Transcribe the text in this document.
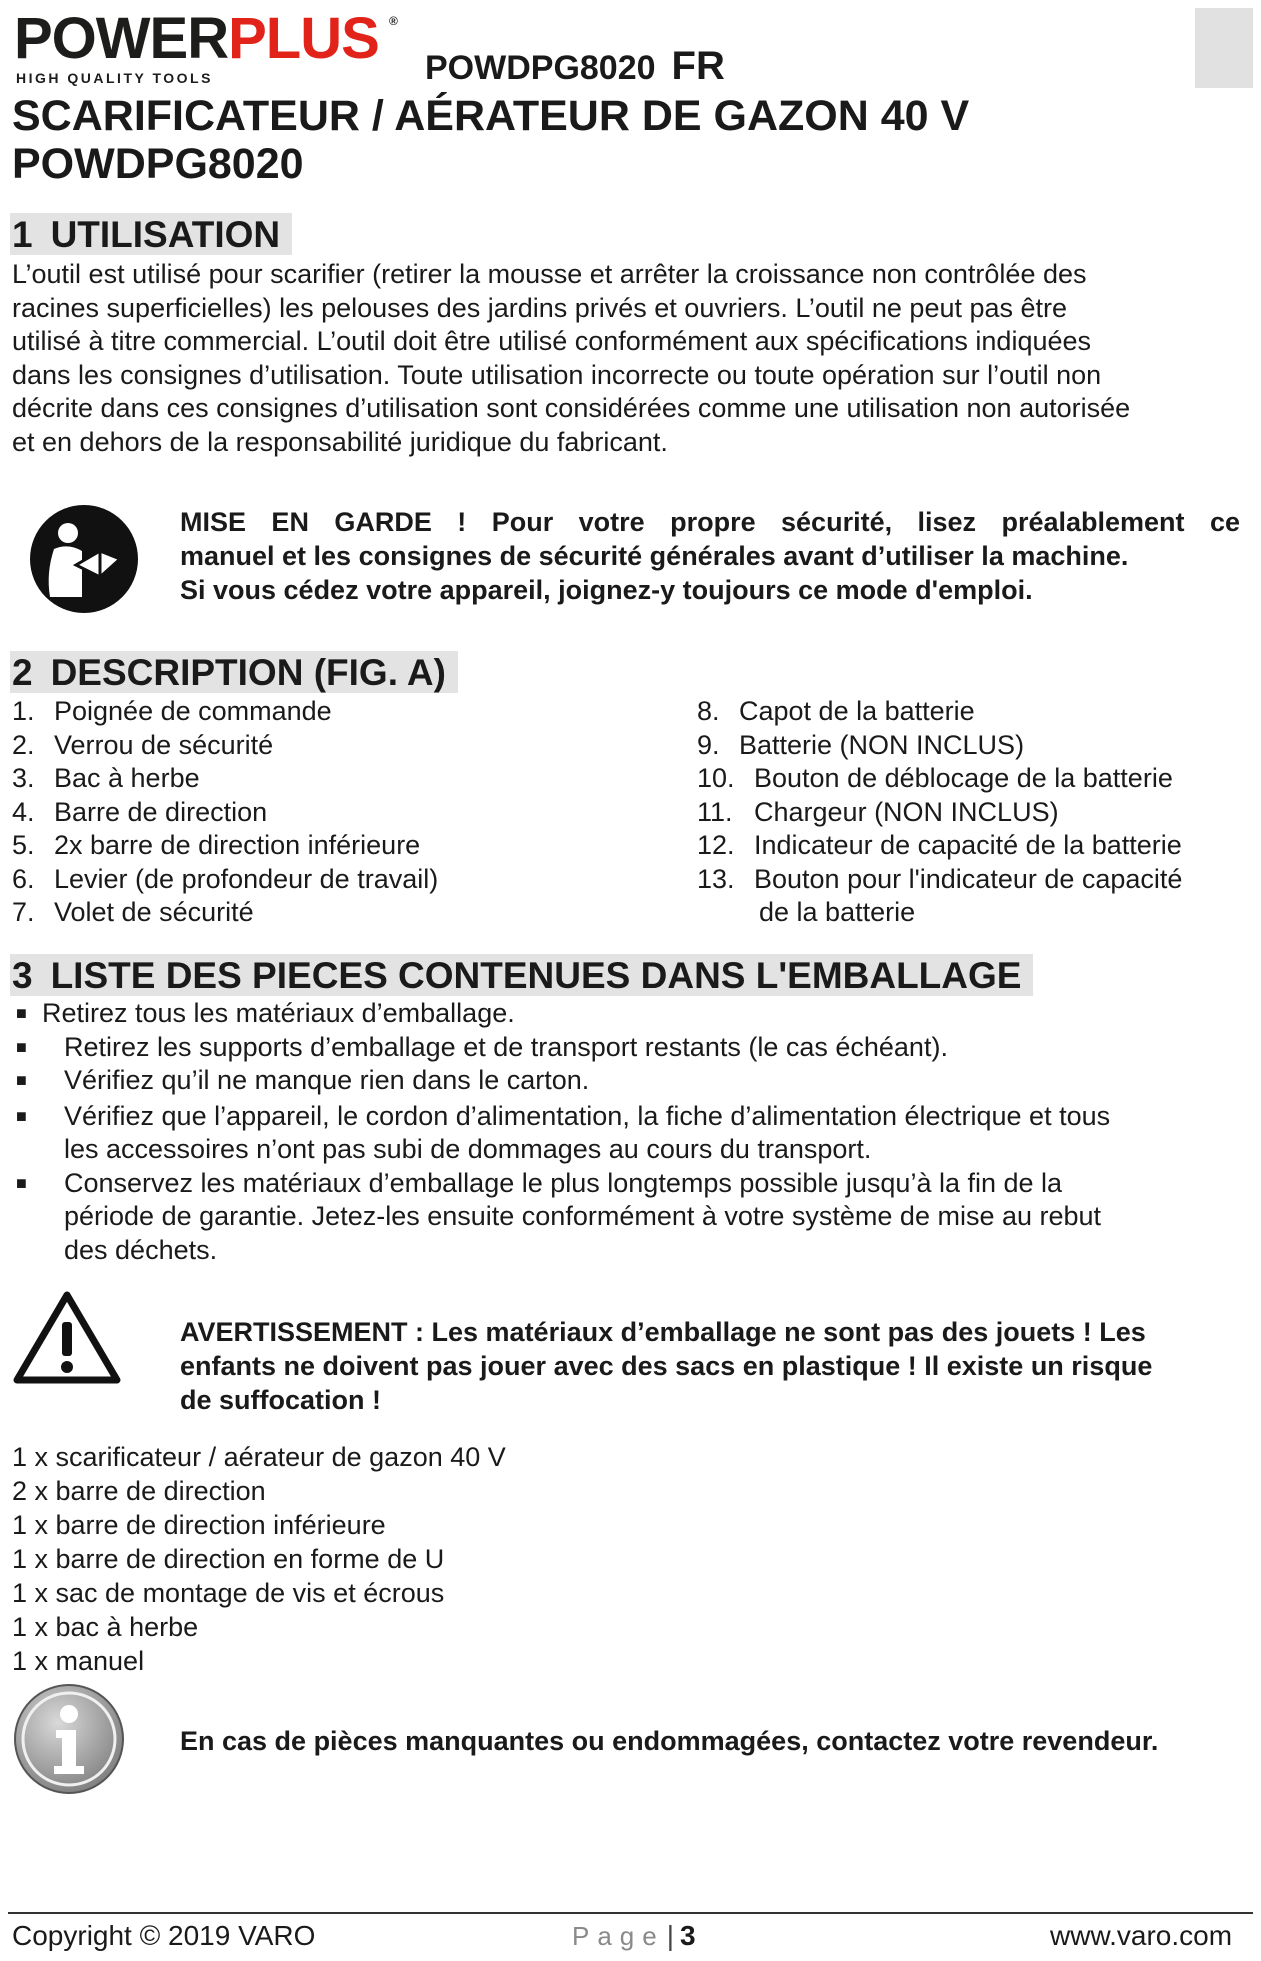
POWERPLUS ®
HIGH QUALITY TOOLS	POWDPG8020 FR
SCARIFICATEUR / AÉRATEUR DE GAZON 40 V
POWDPG8020
1 UTILISATION
L’outil est utilisé pour scarifier (retirer la mousse et arrêter la croissance non contrôlée des
racines superficielles) les pelouses des jardins privés et ouvriers. L’outil ne peut pas être
utilisé à titre commercial. L’outil doit être utilisé conformément aux spécifications indiquées
dans les consignes d’utilisation. Toute utilisation incorrecte ou toute opération sur l’outil non
décrite dans ces consignes d’utilisation sont considérées comme une utilisation non autorisée
et en dehors de la responsabilité juridique du fabricant.
MISE EN GARDE ! Pour votre propre sécurité, lisez préalablement ce
manuel et les consignes de sécurité générales avant d’utiliser la machine.
Si vous cédez votre appareil, joignez-y toujours ce mode d'emploi.
2 DESCRIPTION (FIG. A)
1. Poignée de commande
2. Verrou de sécurité
3. Bac à herbe
4. Barre de direction
5. 2x barre de direction inférieure
6. Levier (de profondeur de travail)
7. Volet de sécurité
8. Capot de la batterie
9. Batterie (NON INCLUS)
10. Bouton de déblocage de la batterie
11. Chargeur (NON INCLUS)
12. Indicateur de capacité de la batterie
13. Bouton pour l'indicateur de capacité
de la batterie
3 LISTE DES PIECES CONTENUES DANS L'EMBALLAGE
■ Retirez tous les matériaux d’emballage.
■ Retirez les supports d’emballage et de transport restants (le cas échéant).
■ Vérifiez qu’il ne manque rien dans le carton.
■ Vérifiez que l’appareil, le cordon d’alimentation, la fiche d’alimentation électrique et tous
les accessoires n’ont pas subi de dommages au cours du transport.
■ Conservez les matériaux d’emballage le plus longtemps possible jusqu’à la fin de la
période de garantie. Jetez-les ensuite conformément à votre système de mise au rebut
des déchets.
AVERTISSEMENT : Les matériaux d’emballage ne sont pas des jouets ! Les
enfants ne doivent pas jouer avec des sacs en plastique ! Il existe un risque
de suffocation !
1 x scarificateur / aérateur de gazon 40 V
2 x barre de direction
1 x barre de direction inférieure
1 x barre de direction en forme de U
1 x sac de montage de vis et écrous
1 x bac à herbe
1 x manuel
En cas de pièces manquantes ou endommagées, contactez votre revendeur.
Copyright © 2019 VARO	Page| 3	www.varo.com
